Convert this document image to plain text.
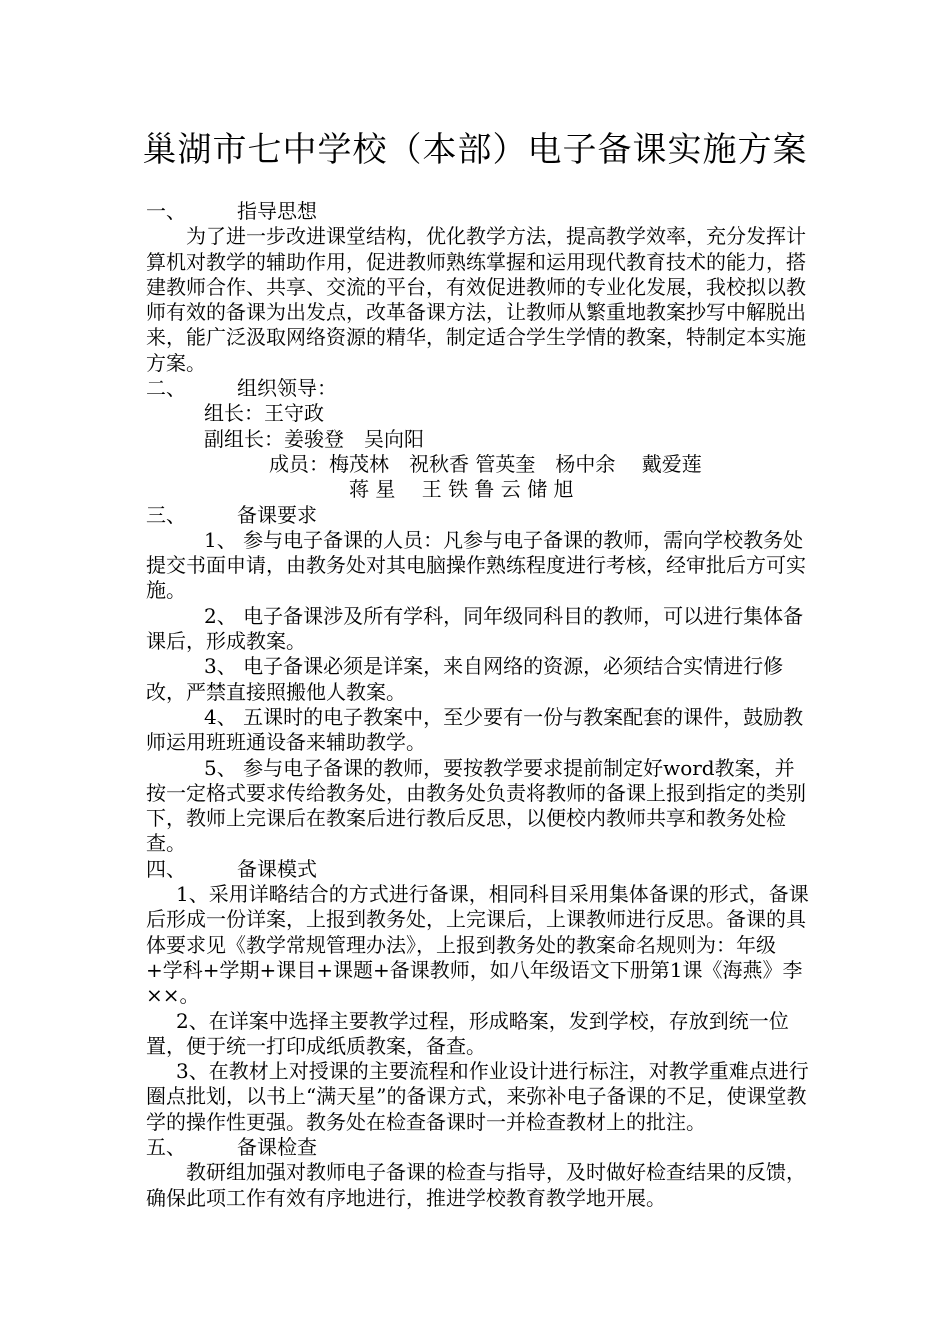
巢湖市七中学校（本部）电子备课实施方案

一、	指导思想

为了进一步改进课堂结构，优化教学方法，提高教学效率，充分发挥计算机对教学的辅助作用，促进教师熟练掌握和运用现代教育技术的能力，搭建教师合作、共享、交流的平台，有效促进教师的专业化发展，我校拟以教师有效的备课为出发点，改革备课方法，让教师从繁重地教案抄写中解脱出来，能广泛汲取网络资源的精华，制定适合学生学情的教案，特制定本实施方案。

二、	组织领导：

组长：王守政

副组长：姜骏登　吴向阳

成员：梅茂林　祝秋香 管英奎　杨中余　 戴爱莲

蒋 星　 王 铁 鲁 云 储 旭

三、	备课要求

1、 参与电子备课的人员：凡参与电子备课的教师，需向学校教务处提交书面申请，由教务处对其电脑操作熟练程度进行考核，经审批后方可实施。

2、 电子备课涉及所有学科，同年级同科目的教师，可以进行集体备课后，形成教案。

3、 电子备课必须是详案，来自网络的资源，必须结合实情进行修改，严禁直接照搬他人教案。

4、 五课时的电子教案中，至少要有一份与教案配套的课件，鼓励教师运用班班通设备来辅助教学。

5、 参与电子备课的教师，要按教学要求提前制定好word教案，并按一定格式要求传给教务处，由教务处负责将教师的备课上报到指定的类别下，教师上完课后在教案后进行教后反思，以便校内教师共享和教务处检查。

四、	备课模式

1、采用详略结合的方式进行备课，相同科目采用集体备课的形式，备课后形成一份详案，上报到教务处，上完课后，上课教师进行反思。备课的具体要求见《教学常规管理办法》，上报到教务处的教案命名规则为：年级+学科+学期+课目+课题+备课教师，如八年级语文下册第1课《海燕》李××。

2、在详案中选择主要教学过程，形成略案，发到学校，存放到统一位置，便于统一打印成纸质教案，备查。

3、在教材上对授课的主要流程和作业设计进行标注，对教学重难点进行圈点批划，以书上“满天星”的备课方式，来弥补电子备课的不足，使课堂教学的操作性更强。教务处在检查备课时一并检查教材上的批注。

五、	备课检查

教研组加强对教师电子备课的检查与指导，及时做好检查结果的反馈， 确保此项工作有效有序地进行，推进学校教育教学地开展。
